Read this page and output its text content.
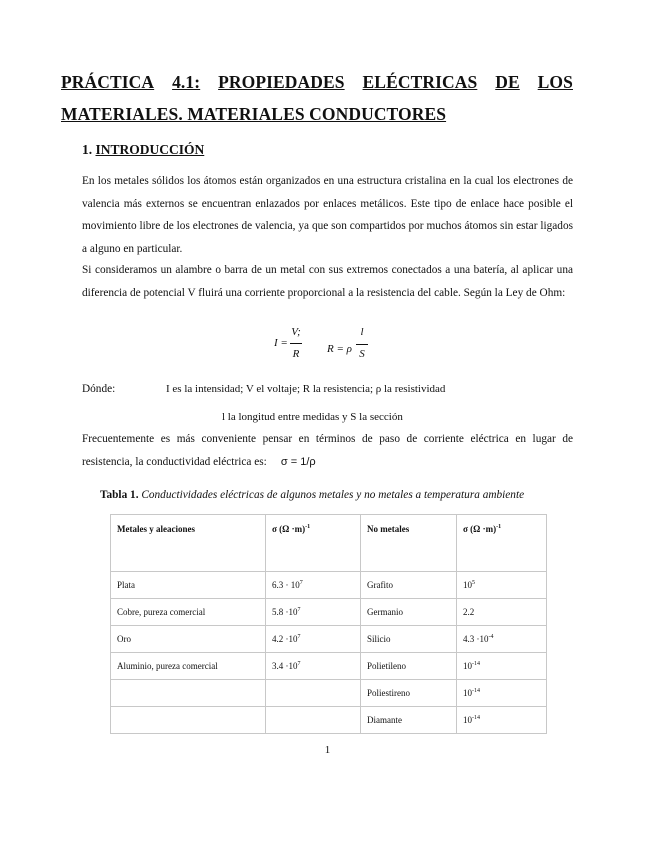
PRÁCTICA 4.1: PROPIEDADES ELÉCTRICAS DE LOS
MATERIALES. MATERIALES CONDUCTORES
1. INTRODUCCIÓN

En los metales sólidos los átomos están organizados en una estructura cristalina en la cual los electrones de valencia más externos se encuentran enlazados por enlaces metálicos. Este tipo de enlace hace posible el movimiento libre de los electrones de valencia, ya que son compartidos por muchos átomos sin estar ligados a alguno en particular.

Si consideramos un alambre o barra de un metal con sus extremos conectados a una batería, al aplicar una diferencia de potencial V fluirá una corriente proporcional a la resistencia del cable. Según la Ley de Ohm:

I =
V;
R	R = ρ
l
S
Dónde:	I es la intensidad; V el voltaje; R la resistencia; ρ la resistividad
l la longitud entre medidas y S la sección

Frecuentemente es más conveniente pensar en términos de paso de corriente eléctrica en lugar de resistencia, la conductividad eléctrica es: σ = 1/ρ

Tabla 1. Conductividades eléctricas de algunos metales y no metales a temperatura ambiente
Metales y aleaciones	σ $(\Omega \cdot m)^{-1}$	No metales	σ $(\Omega \cdot m)^{-1}$
Plata	$6.3 \cdot 10^7$	Grafito	$10^5$
Cobre, pureza comercial	$5.8 \cdot 10^7$	Germanio	2.2
Oro	$4.2 \cdot 10^7$	Silicio	$4.3 \cdot 10^{-4}$
Aluminio, pureza comercial	$3.4 \cdot 10^7$	Polietileno	$10^{-14}$
		Poliestireno	$10^{-14}$
		Diamante	$10^{-14}$
1
